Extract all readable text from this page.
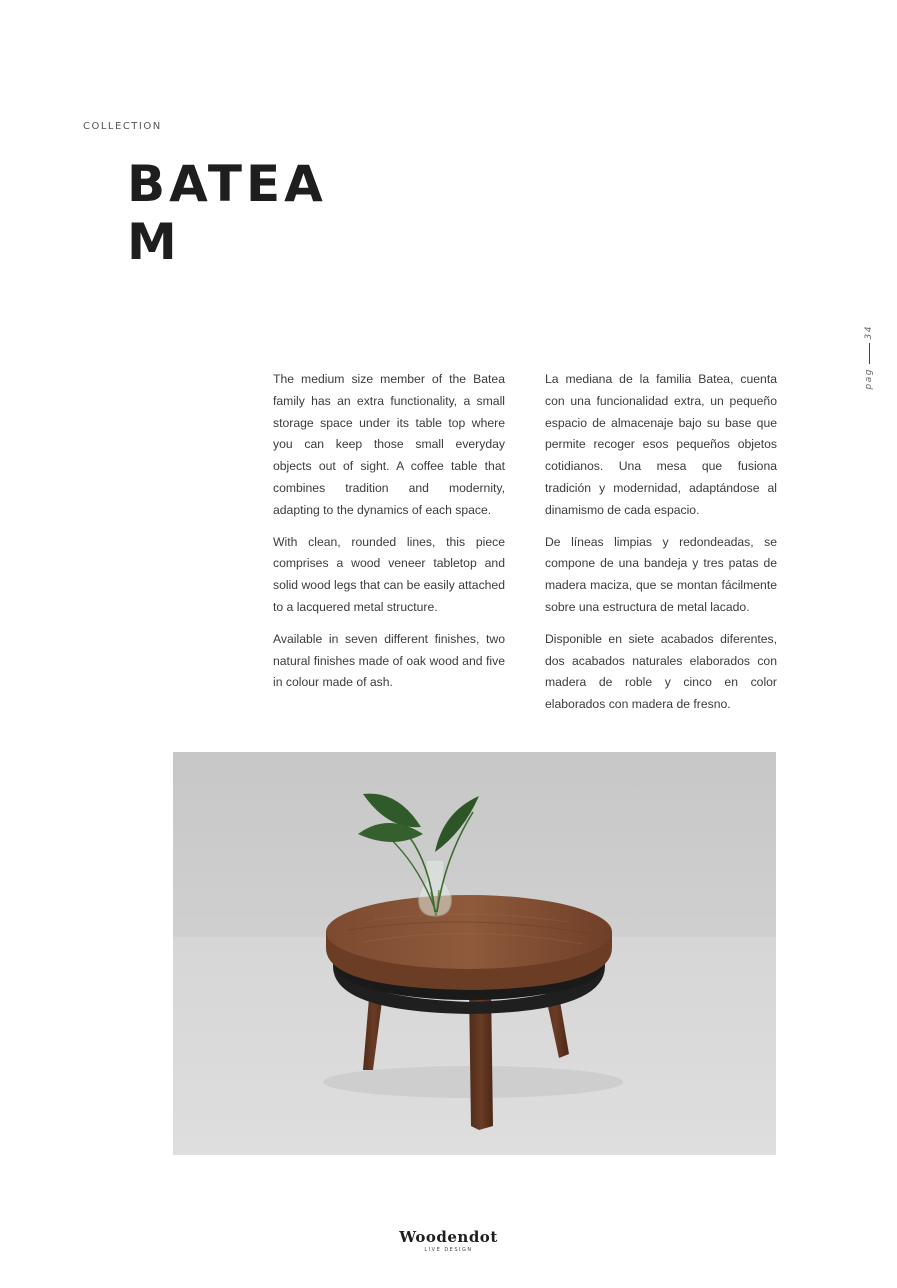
COLLECTION
BATEA
M
34
pag

The medium size member of the Batea family has an extra functionality, a small storage space under its table top where you can keep those small everyday objects out of sight. A coffee table that combines tradition and modernity, adapting to the dynamics of each space.

With clean, rounded lines, this piece comprises a wood veneer tabletop and solid wood legs that can be easily attached to a lacquered metal structure.

Available in seven different finishes, two natural finishes made of oak wood and five in colour made of ash.

La mediana de la familia Batea, cuenta con una funcionalidad extra, un pequeño espacio de almacenaje bajo su base que permite recoger esos pequeños objetos cotidianos. Una mesa que fusiona tradición y modernidad, adaptándose al dinamismo de cada espacio.

De líneas limpias y redondeadas, se compone de una bandeja y tres patas de madera maciza, que se montan fácilmente sobre una estructura de metal lacado.

Disponible en siete acabados diferentes, dos acabados naturales elaborados con madera de roble y cinco en color elaborados con madera de fresno.

Woodendot
LIVE DESIGN
